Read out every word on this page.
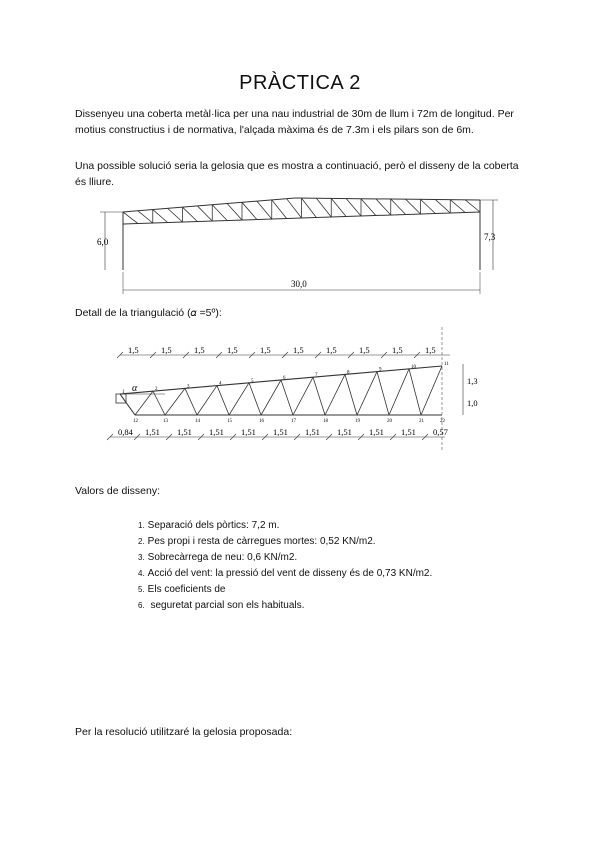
PRÀCTICA 2
Dissenyeu una coberta metàl·lica per una nau industrial de 30m de llum i 72m de longitud. Per motius constructius i de normativa, l'alçada màxima és de 7.3m i els pilars son de 6m.
Una possible solució seria la gelosia que es mostra a continuació, però el disseny de la coberta és lliure.
6,0	7,3
30,0
Detall de la triangulació (𝛼 =5º):
1
2
3
4
5
6
7
8
9
10
11
12	13	14	15	16	17	18	19	20	21	22
1,5	1,5	1,5	1,5	1,5	1,5	1,5	1,5	1,5	1,5
0,84 1,51 1,51 1,51 1,51 1,51 1,51 1,51 1,51 1,51 0,57
1,3
1,0
α
Valors de disseny:
1. Separació dels pòrtics: 7,2 m.
2. Pes propi i resta de càrregues mortes: 0,52 KN/m2.
3. Sobrecàrrega de neu: 0,6 KN/m2.
4. Acció del vent: la pressió del vent de disseny és de 0,73 KN/m2.
5. Els coeficients de
6. seguretat parcial son els habituals.
Per la resolució utilitzaré la gelosia proposada:
